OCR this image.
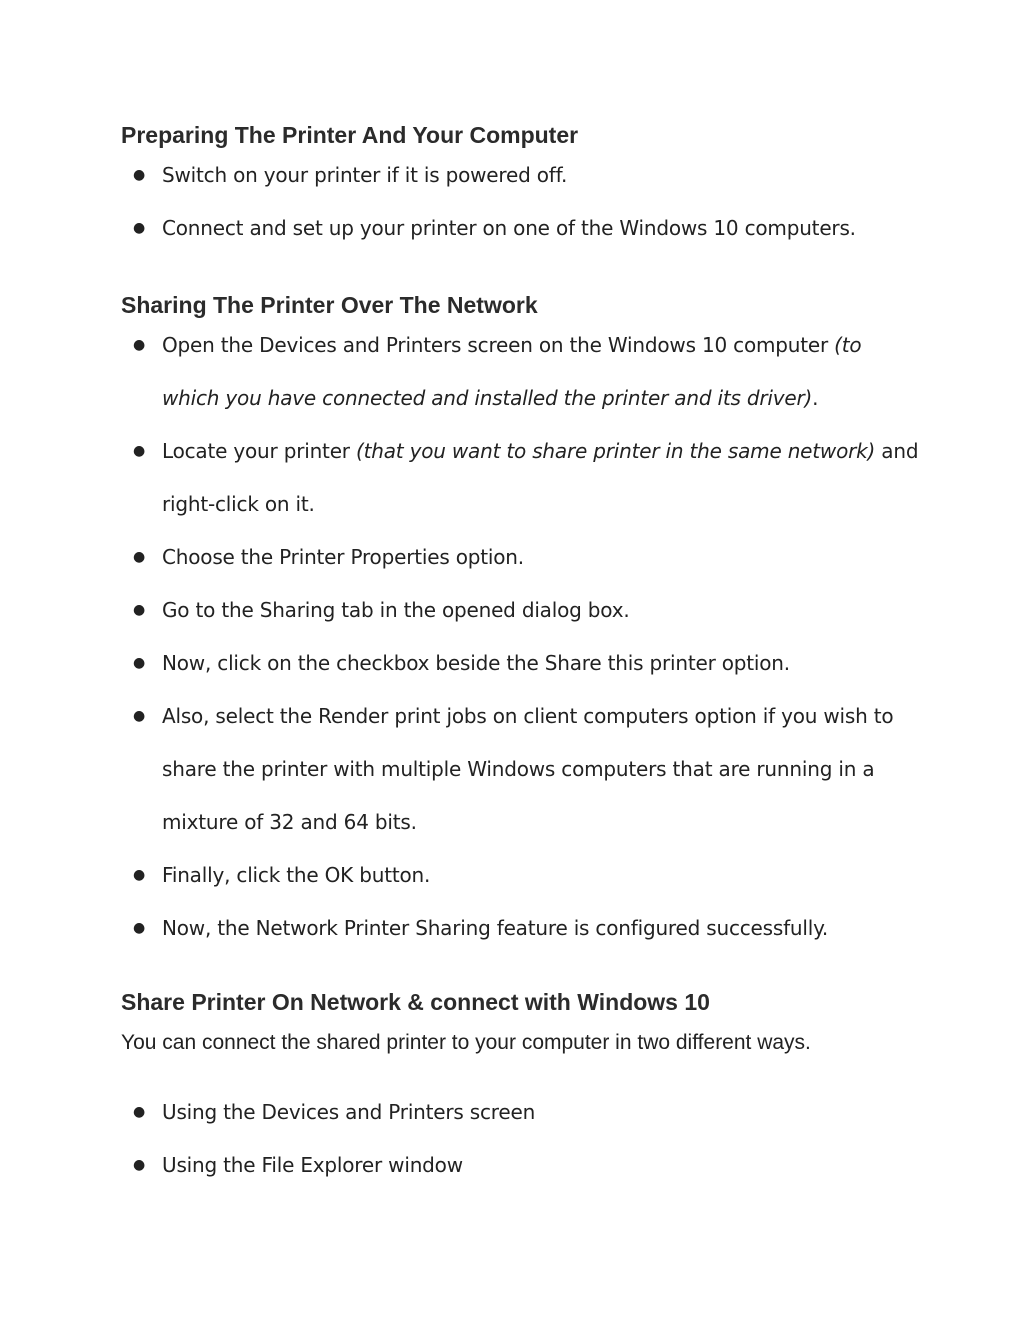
Preparing The Printer And Your Computer
● Switch on your printer if it is powered off.
● Connect and set up your printer on one of the Windows 10 computers.
Sharing The Printer Over The Network
● Open the Devices and Printers screen on the Windows 10 computer (to
which you have connected and installed the printer and its driver).
● Locate your printer (that you want to share printer in the same network) and
right-click on it.
● Choose the Printer Properties option.
● Go to the Sharing tab in the opened dialog box.
● Now, click on the checkbox beside the Share this printer option.
● Also, select the Render print jobs on client computers option if you wish to
share the printer with multiple Windows computers that are running in a
mixture of 32 and 64 bits.
● Finally, click the OK button.
● Now, the Network Printer Sharing feature is configured successfully.
Share Printer On Network & connect with Windows 10

You can connect the shared printer to your computer in two different ways.

● Using the Devices and Printers screen
● Using the File Explorer window
